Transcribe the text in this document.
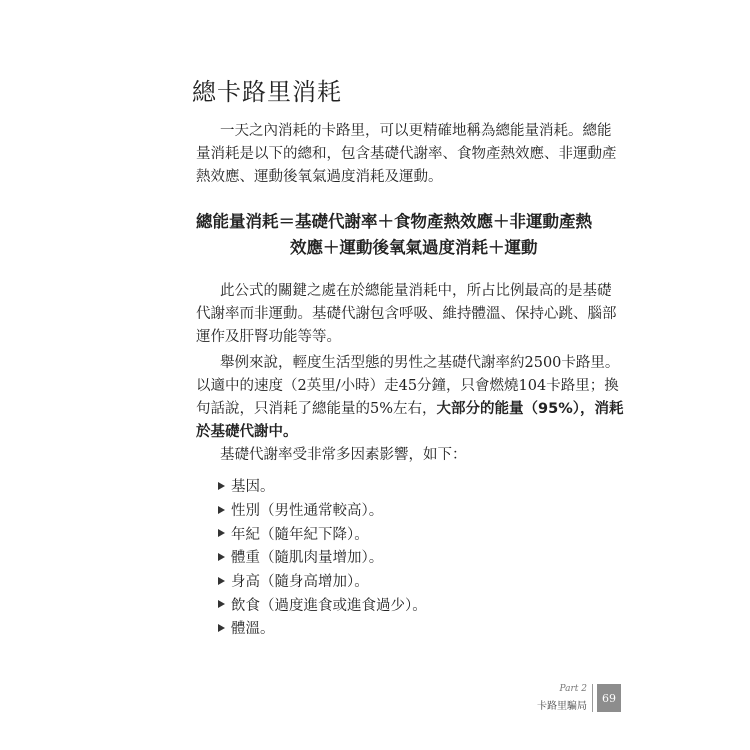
總卡路里消耗

一天之內消耗的卡路里，可以更精確地稱為總能量消耗。總能

量消耗是以下的總和，包含基礎代謝率、食物產熱效應、非運動產

熱效應、運動後氧氣過度消耗及運動。

總能量消耗＝基礎代謝率＋食物產熱效應＋非運動產熱
效應＋運動後氧氣過度消耗＋運動

此公式的關鍵之處在於總能量消耗中，所占比例最高的是基礎

代謝率而非運動。基礎代謝包含呼吸、維持體溫、保持心跳、腦部

運作及肝腎功能等等。

舉例來說，輕度生活型態的男性之基礎代謝率約2500卡路里。

以適中的速度（2英里/小時）走45分鐘，只會燃燒104卡路里；換

句話說，只消耗了總能量的5%左右，大部分的能量（95%），消耗

於基礎代謝中。

基礎代謝率受非常多因素影響，如下：

基因。
性別（男性通常較高）。
年紀（隨年紀下降）。
體重（隨肌肉量增加）。
身高（隨身高增加）。
飲食（過度進食或進食過少）。
體溫。
Part 2
卡路里騙局
69
